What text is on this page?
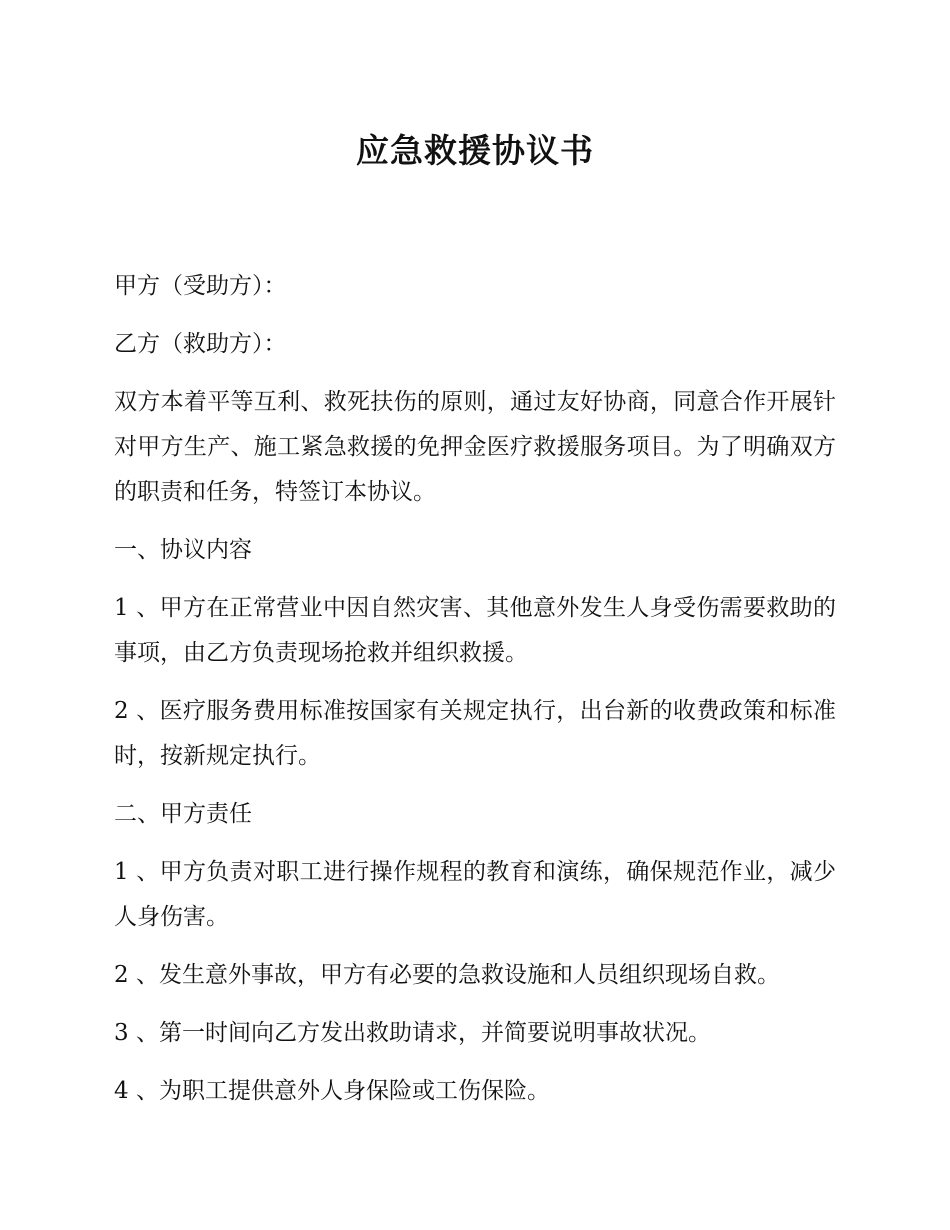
应急救援协议书

甲方（受助方）：

乙方（救助方）：

双方本着平等互利、救死扶伤的原则，通过友好协商，同意合作开展针对甲方生产、施工紧急救援的免押金医疗救援服务项目。为了明确双方的职责和任务，特签订本协议。

一、协议内容

1 、甲方在正常营业中因自然灾害、其他意外发生人身受伤需要救助的事项，由乙方负责现场抢救并组织救援。

2 、医疗服务费用标准按国家有关规定执行，出台新的收费政策和标准时，按新规定执行。

二、甲方责任

1 、甲方负责对职工进行操作规程的教育和演练，确保规范作业，减少人身伤害。

2 、发生意外事故，甲方有必要的急救设施和人员组织现场自救。

3 、第一时间向乙方发出救助请求，并简要说明事故状况。

4 、为职工提供意外人身保险或工伤保险。
